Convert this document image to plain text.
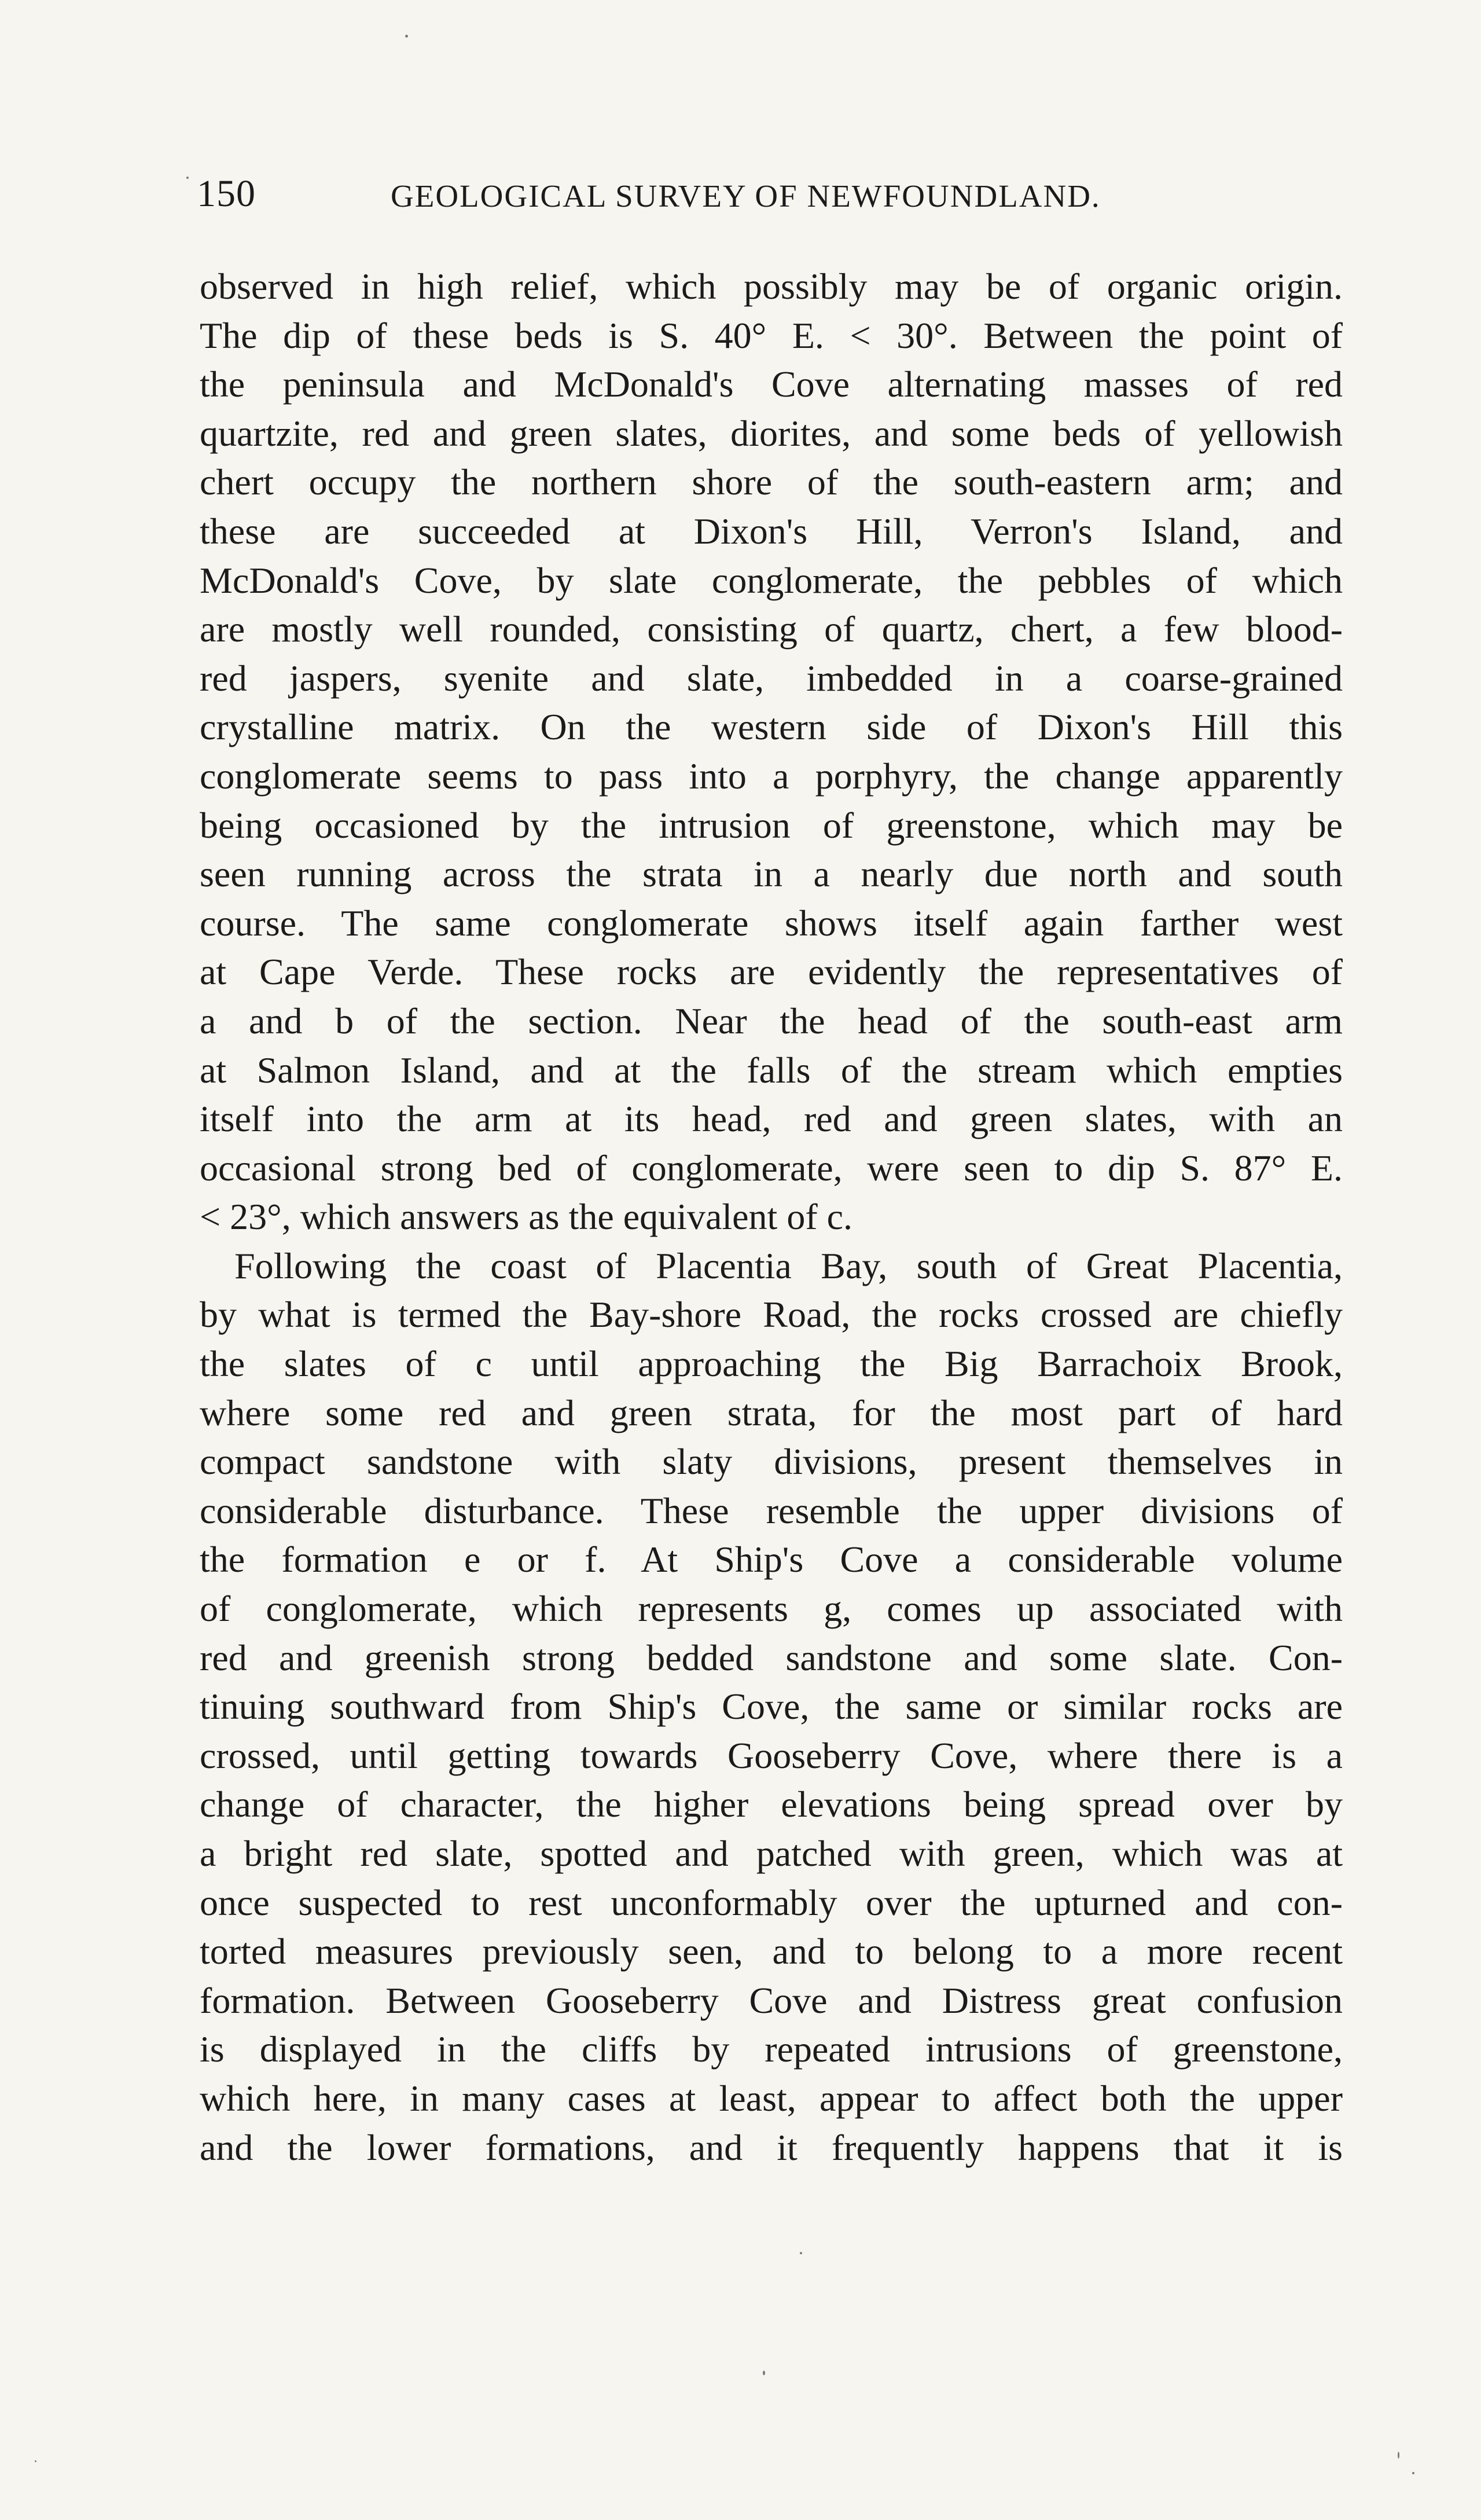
150	GEOLOGICAL SURVEY OF NEWFOUNDLAND.
observed in high relief, which possibly may be of organic origin.
The dip of these beds is S. 40° E. < 30°. Between the point of
the peninsula and McDonald's Cove alternating masses of red
quartzite, red and green slates, diorites, and some beds of yellowish
chert occupy the northern shore of the south-eastern arm; and
these are succeeded at Dixon's Hill, Verron's Island, and
McDonald's Cove, by slate conglomerate, the pebbles of which
are mostly well rounded, consisting of quartz, chert, a few blood-
red jaspers, syenite and slate, imbedded in a coarse-grained
crystalline matrix. On the western side of Dixon's Hill this
conglomerate seems to pass into a porphyry, the change apparently
being occasioned by the intrusion of greenstone, which may be
seen running across the strata in a nearly due north and south
course. The same conglomerate shows itself again farther west
at Cape Verde. These rocks are evidently the representatives of
a and b of the section. Near the head of the south-east arm
at Salmon Island, and at the falls of the stream which empties
itself into the arm at its head, red and green slates, with an
occasional strong bed of conglomerate, were seen to dip S. 87° E.
< 23°, which answers as the equivalent of c.
Following the coast of Placentia Bay, south of Great Placentia,
by what is termed the Bay-shore Road, the rocks crossed are chiefly
the slates of c until approaching the Big Barrachoix Brook,
where some red and green strata, for the most part of hard
compact sandstone with slaty divisions, present themselves in
considerable disturbance. These resemble the upper divisions of
the formation e or f. At Ship's Cove a considerable volume
of conglomerate, which represents g, comes up associated with
red and greenish strong bedded sandstone and some slate. Con-
tinuing southward from Ship's Cove, the same or similar rocks are
crossed, until getting towards Gooseberry Cove, where there is a
change of character, the higher elevations being spread over by
a bright red slate, spotted and patched with green, which was at
once suspected to rest unconformably over the upturned and con-
torted measures previously seen, and to belong to a more recent
formation. Between Gooseberry Cove and Distress great confusion
is displayed in the cliffs by repeated intrusions of greenstone,
which here, in many cases at least, appear to affect both the upper
and the lower formations, and it frequently happens that it is
